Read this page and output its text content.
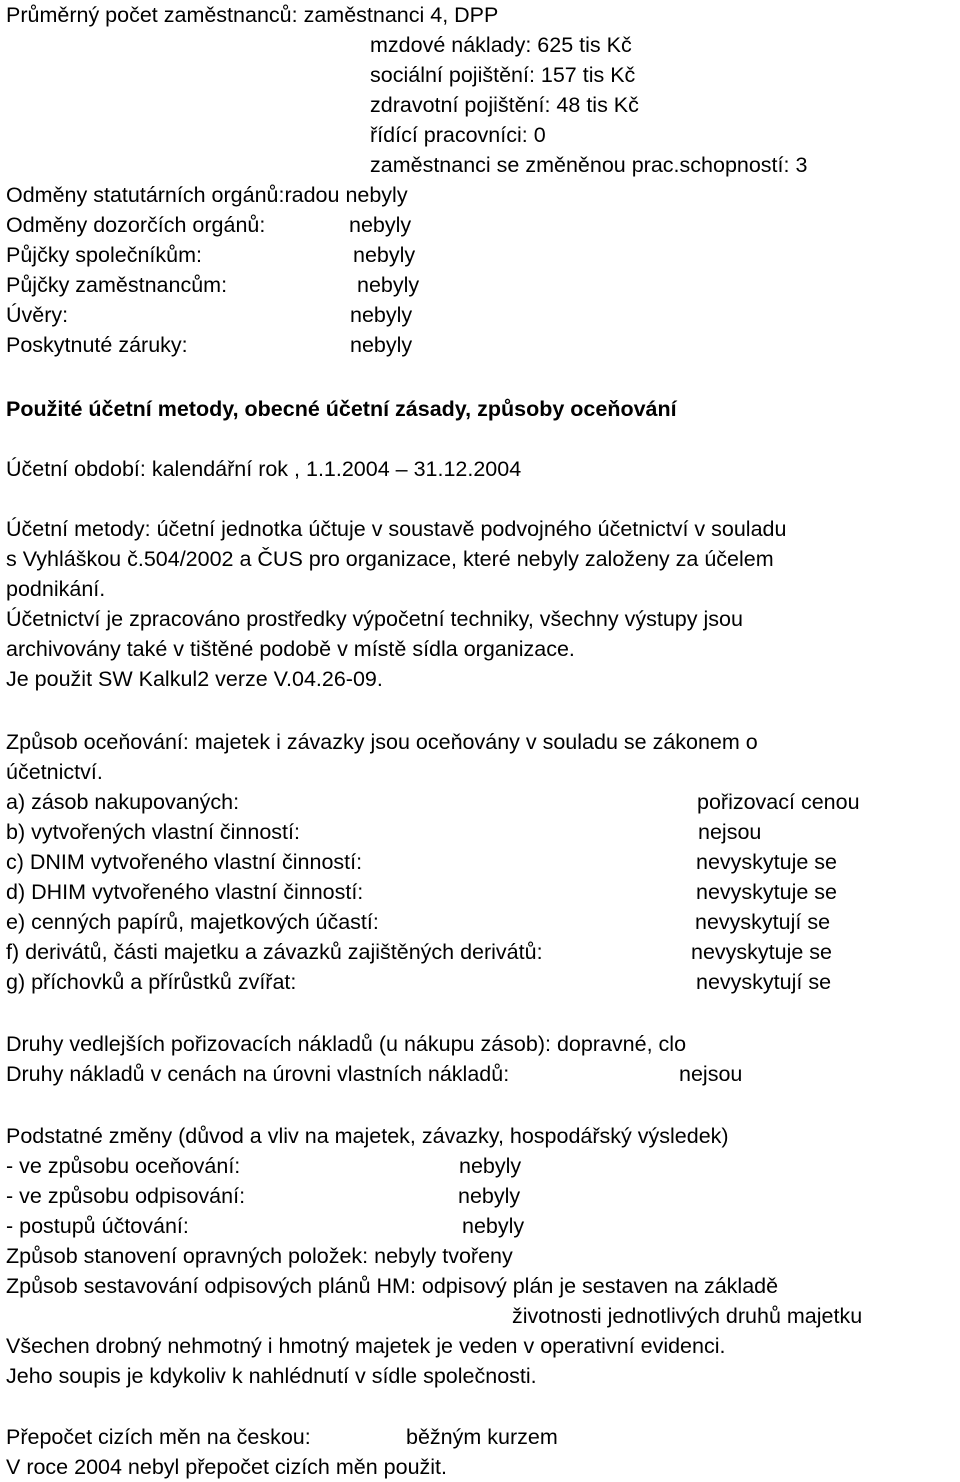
Průměrný počet zaměstnanců: zaměstnanci 4, DPP
mzdové náklady: 625 tis Kč
sociální pojištění: 157 tis Kč
zdravotní pojištění: 48 tis Kč
řídící pracovníci: 0
zaměstnanci se změněnou prac.schopností: 3
Odměny statutárních orgánů:radou nebyly
Odměny dozorčích orgánů:	nebyly
Půjčky společníkům:	nebyly
Půjčky zaměstnancům:	nebyly
Úvěry:	nebyly
Poskytnuté záruky:	nebyly
Použité účetní metody, obecné účetní zásady, způsoby oceňování
Účetní období: kalendářní rok , 1.1.2004 – 31.12.2004
Účetní metody: účetní jednotka účtuje v soustavě podvojného účetnictví v souladu
s Vyhláškou č.504/2002 a ČUS pro organizace, které nebyly založeny za účelem
podnikání.
Účetnictví je zpracováno prostředky výpočetní techniky, všechny výstupy jsou
archivovány také v tištěné podobě v místě sídla organizace.
Je použit SW Kalkul2 verze V.04.26-09.
Způsob oceňování: majetek i závazky jsou oceňovány v souladu se zákonem o
účetnictví.
a) zásob nakupovaných:	pořizovací cenou
b) vytvořených vlastní činností:	nejsou
c) DNIM vytvořeného vlastní činností:	nevyskytuje se
d) DHIM vytvořeného vlastní činností:	nevyskytuje se
e) cenných papírů, majetkových účastí:	nevyskytují se
f) derivátů, části majetku a závazků zajištěných derivátů:	nevyskytuje se
g) příchovků a přírůstků zvířat:	nevyskytují se
Druhy vedlejších pořizovacích nákladů (u nákupu zásob): dopravné, clo
Druhy nákladů v cenách na úrovni vlastních nákladů:	nejsou
Podstatné změny (důvod a vliv na majetek, závazky, hospodářský výsledek)
- ve způsobu oceňování:	nebyly
- ve způsobu odpisování:	nebyly
- postupů účtování:	nebyly
Způsob stanovení opravných položek: nebyly tvořeny
Způsob sestavování odpisových plánů HM: odpisový plán je sestaven na základě
životnosti jednotlivých druhů majetku
Všechen drobný nehmotný i hmotný majetek je veden v operativní evidenci.
Jeho soupis je kdykoliv k nahlédnutí v sídle společnosti.
Přepočet cizích měn na českou:	běžným kurzem
V roce 2004 nebyl přepočet cizích měn použit.
